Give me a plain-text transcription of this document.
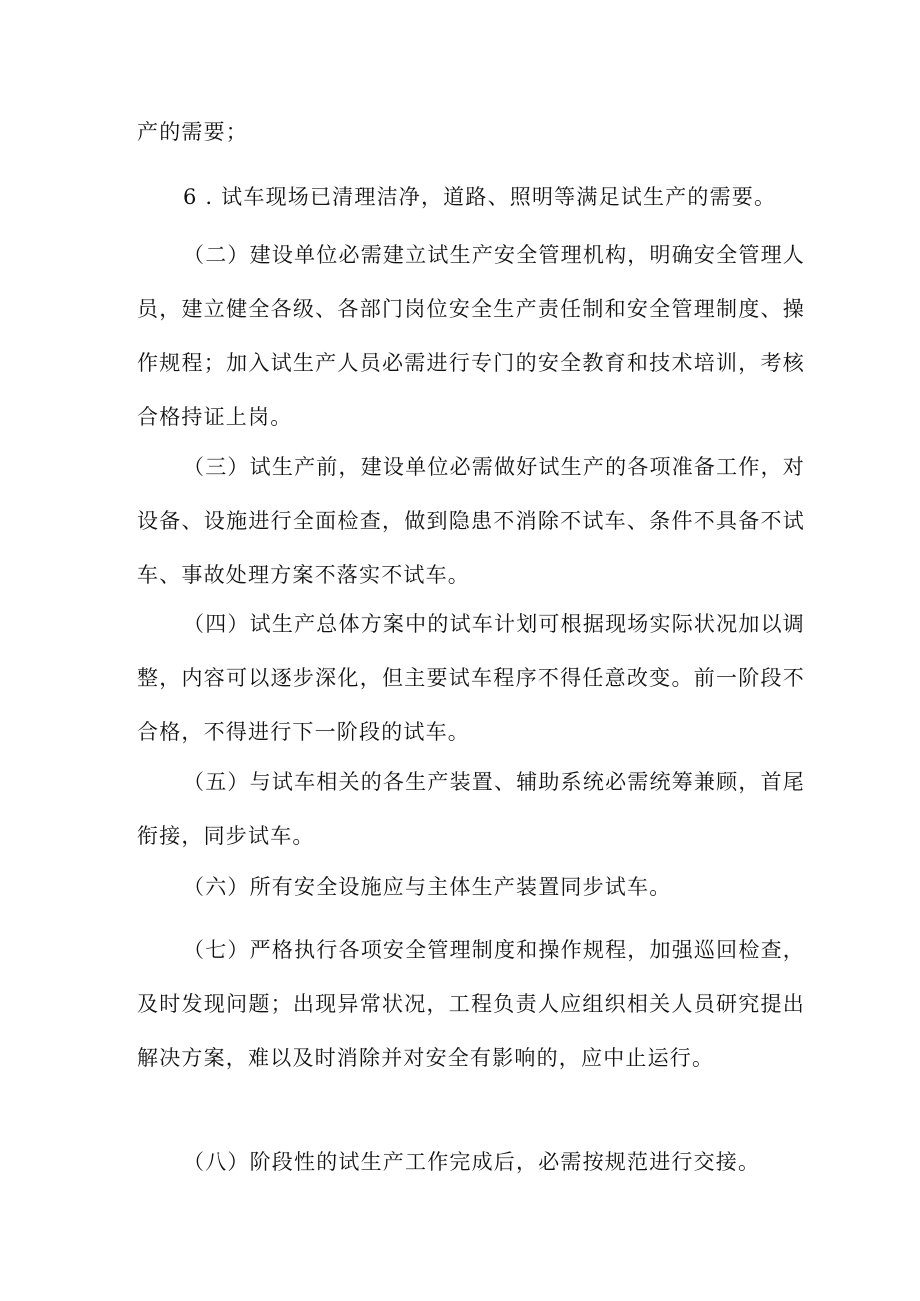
产的需要；

6 . 试车现场已清理洁净，道路、照明等满足试生产的需要。

（二）建设单位必需建立试生产安全管理机构，明确安全管理人员，建立健全各级、各部门岗位安全生产责任制和安全管理制度、操作规程；加入试生产人员必需进行专门的安全教育和技术培训，考核合格持证上岗。

（三）试生产前，建设单位必需做好试生产的各项准备工作，对设备、设施进行全面检查，做到隐患不消除不试车、条件不具备不试车、事故处理方案不落实不试车。

（四）试生产总体方案中的试车计划可根据现场实际状况加以调整，内容可以逐步深化，但主要试车程序不得任意改变。前一阶段不合格，不得进行下一阶段的试车。

（五）与试车相关的各生产装置、辅助系统必需统筹兼顾，首尾衔接，同步试车。

（六）所有安全设施应与主体生产装置同步试车。

（七）严格执行各项安全管理制度和操作规程，加强巡回检查，及时发现问题；出现异常状况，工程负责人应组织相关人员研究提出解决方案，难以及时消除并对安全有影响的，应中止运行。

（八）阶段性的试生产工作完成后，必需按规范进行交接。
